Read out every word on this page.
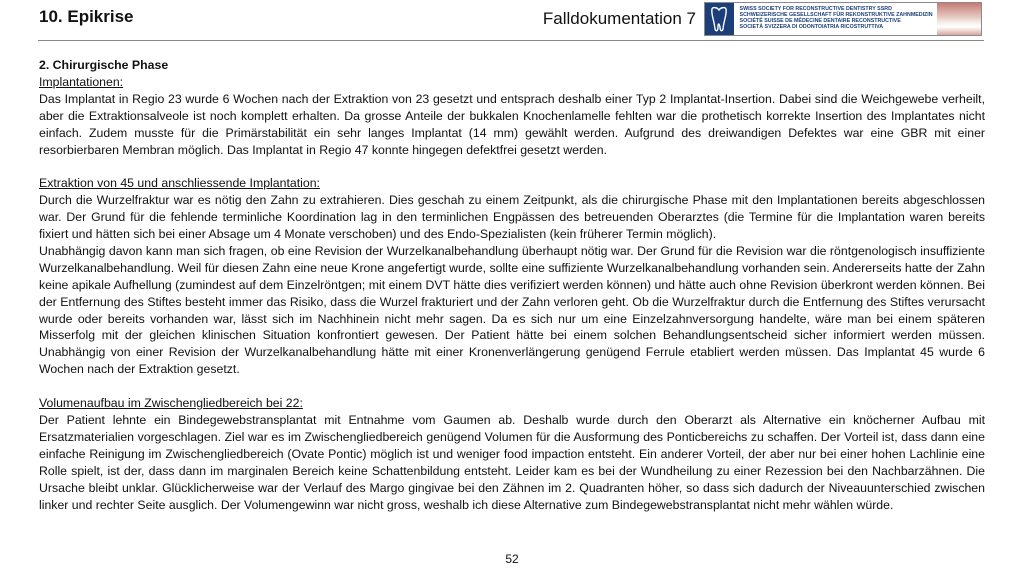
10. Epikrise	Falldokumentation 7	SWISS SOCIETY FOR RECONSTRUCTIVE DENTISTRY SSRD
SCHWEIZERISCHE GESELLSCHAFT FÜR REKONSTRUKTIVE ZAHNMEDIZIN
SOCIÉTÉ SUISSE DE MÉDECINE DENTAIRE RECONSTRUCTIVE
SOCIETÀ SVIZZERA DI ODONTOIATRIA RICOSTRUTTIVA

2. Chirurgische Phase

Implantationen:

Das Implantat in Regio 23 wurde 6 Wochen nach der Extraktion von 23 gesetzt und entsprach deshalb einer Typ 2 Implantat-Insertion. Dabei sind die Weichgewebe verheilt, aber die Extraktionsalveole ist noch komplett erhalten. Da grosse Anteile der bukkalen Knochenlamelle fehlten war die prothetisch korrekte Insertion des Implantates nicht einfach. Zudem musste für die Primärstabilität ein sehr langes Implantat (14 mm) gewählt werden. Aufgrund des dreiwandigen Defektes war eine GBR mit einer resorbierbaren Membran möglich. Das Implantat in Regio 47 konnte hingegen defektfrei gesetzt werden.

Extraktion von 45 und anschliessende Implantation:

Durch die Wurzelfraktur war es nötig den Zahn zu extrahieren. Dies geschah zu einem Zeitpunkt, als die chirurgische Phase mit den Implantationen bereits abgeschlossen war. Der Grund für die fehlende terminliche Koordination lag in den terminlichen Engpässen des betreuenden Oberarztes (die Termine für die Implantation waren bereits fixiert und hätten sich bei einer Absage um 4 Monate verschoben) und des Endo-Spezialisten (kein früherer Termin möglich).

Unabhängig davon kann man sich fragen, ob eine Revision der Wurzelkanalbehandlung überhaupt nötig war. Der Grund für die Revision war die röntgenologisch insuffiziente Wurzelkanalbehandlung. Weil für diesen Zahn eine neue Krone angefertigt wurde, sollte eine suffiziente Wurzelkanalbehandlung vorhanden sein. Andererseits hatte der Zahn keine apikale Aufhellung (zumindest auf dem Einzelröntgen; mit einem DVT hätte dies verifiziert werden können) und hätte auch ohne Revision überkront werden können. Bei der Entfernung des Stiftes besteht immer das Risiko, dass die Wurzel frakturiert und der Zahn verloren geht. Ob die Wurzelfraktur durch die Entfernung des Stiftes verursacht wurde oder bereits vorhanden war, lässt sich im Nachhinein nicht mehr sagen. Da es sich nur um eine Einzelzahnversorgung handelte, wäre man bei einem späteren Misserfolg mit der gleichen klinischen Situation konfrontiert gewesen. Der Patient hätte bei einem solchen Behandlungsentscheid sicher informiert werden müssen. Unabhängig von einer Revision der Wurzelkanalbehandlung hätte mit einer Kronenverlängerung genügend Ferrule etabliert werden müssen. Das Implantat 45 wurde 6 Wochen nach der Extraktion gesetzt.

Volumenaufbau im Zwischengliedbereich bei 22:

Der Patient lehnte ein Bindegewebstransplantat mit Entnahme vom Gaumen ab. Deshalb wurde durch den Oberarzt als Alternative ein knöcherner Aufbau mit Ersatzmaterialien vorgeschlagen. Ziel war es im Zwischengliedbereich genügend Volumen für die Ausformung des Ponticbereichs zu schaffen. Der Vorteil ist, dass dann eine einfache Reinigung im Zwischengliedbereich (Ovate Pontic) möglich ist und weniger food impaction entsteht. Ein anderer Vorteil, der aber nur bei einer hohen Lachlinie eine Rolle spielt, ist der, dass dann im marginalen Bereich keine Schattenbildung entsteht. Leider kam es bei der Wundheilung zu einer Rezession bei den Nachbarzähnen. Die Ursache bleibt unklar. Glücklicherweise war der Verlauf des Margo gingivae bei den Zähnen im 2. Quadranten höher, so dass sich dadurch der Niveauunterschied zwischen linker und rechter Seite ausglich. Der Volumengewinn war nicht gross, weshalb ich diese Alternative zum Bindegewebstransplantat nicht mehr wählen würde.

52
